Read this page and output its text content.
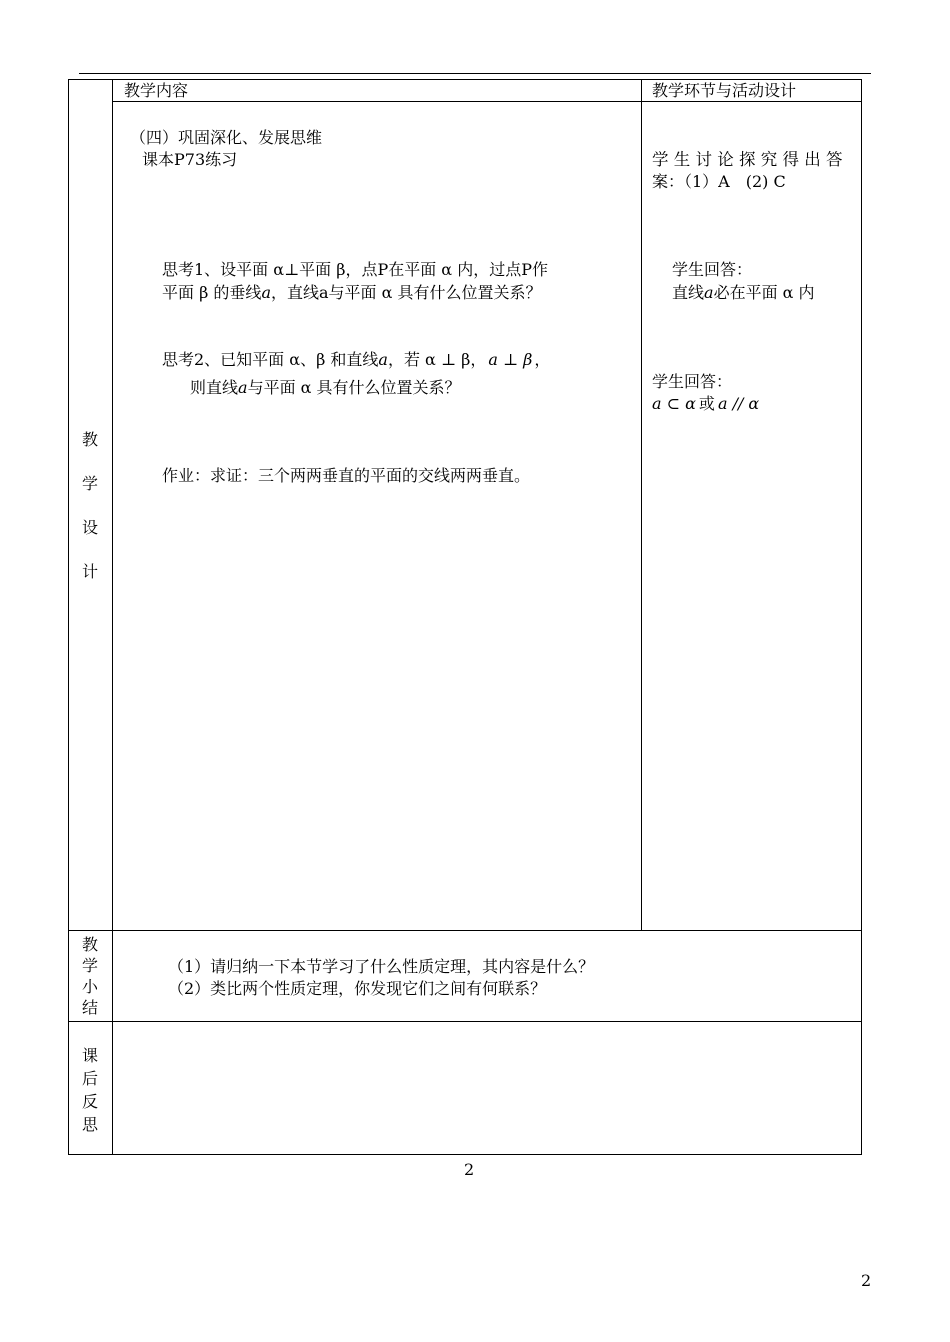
教学内容	教学环节与活动设计
教
学
设
计
教
学
小
结
课
后
反
思
（四）巩固深化、发展思维
课本P73练习
思考1、设平面 α⊥平面 β，点P在平面 α 内，过点P作
平面 β 的垂线a，直线a与平面 α 具有什么位置关系？
思考2、已知平面 α、β 和直线a，若 α ⊥ β， a ⊥ β ，
则直线a与平面 α 具有什么位置关系？
作业：求证：三个两两垂直的平面的交线两两垂直。
学 生 讨 论 探 究 得 出 答
案：（1）A　(2) C
学生回答：
直线a必在平面 α 内
学生回答：
a ⊂ α 或 a // α
（1）请归纳一下本节学习了什么性质定理，其内容是什么？
（2）类比两个性质定理，你发现它们之间有何联系？
2
2
